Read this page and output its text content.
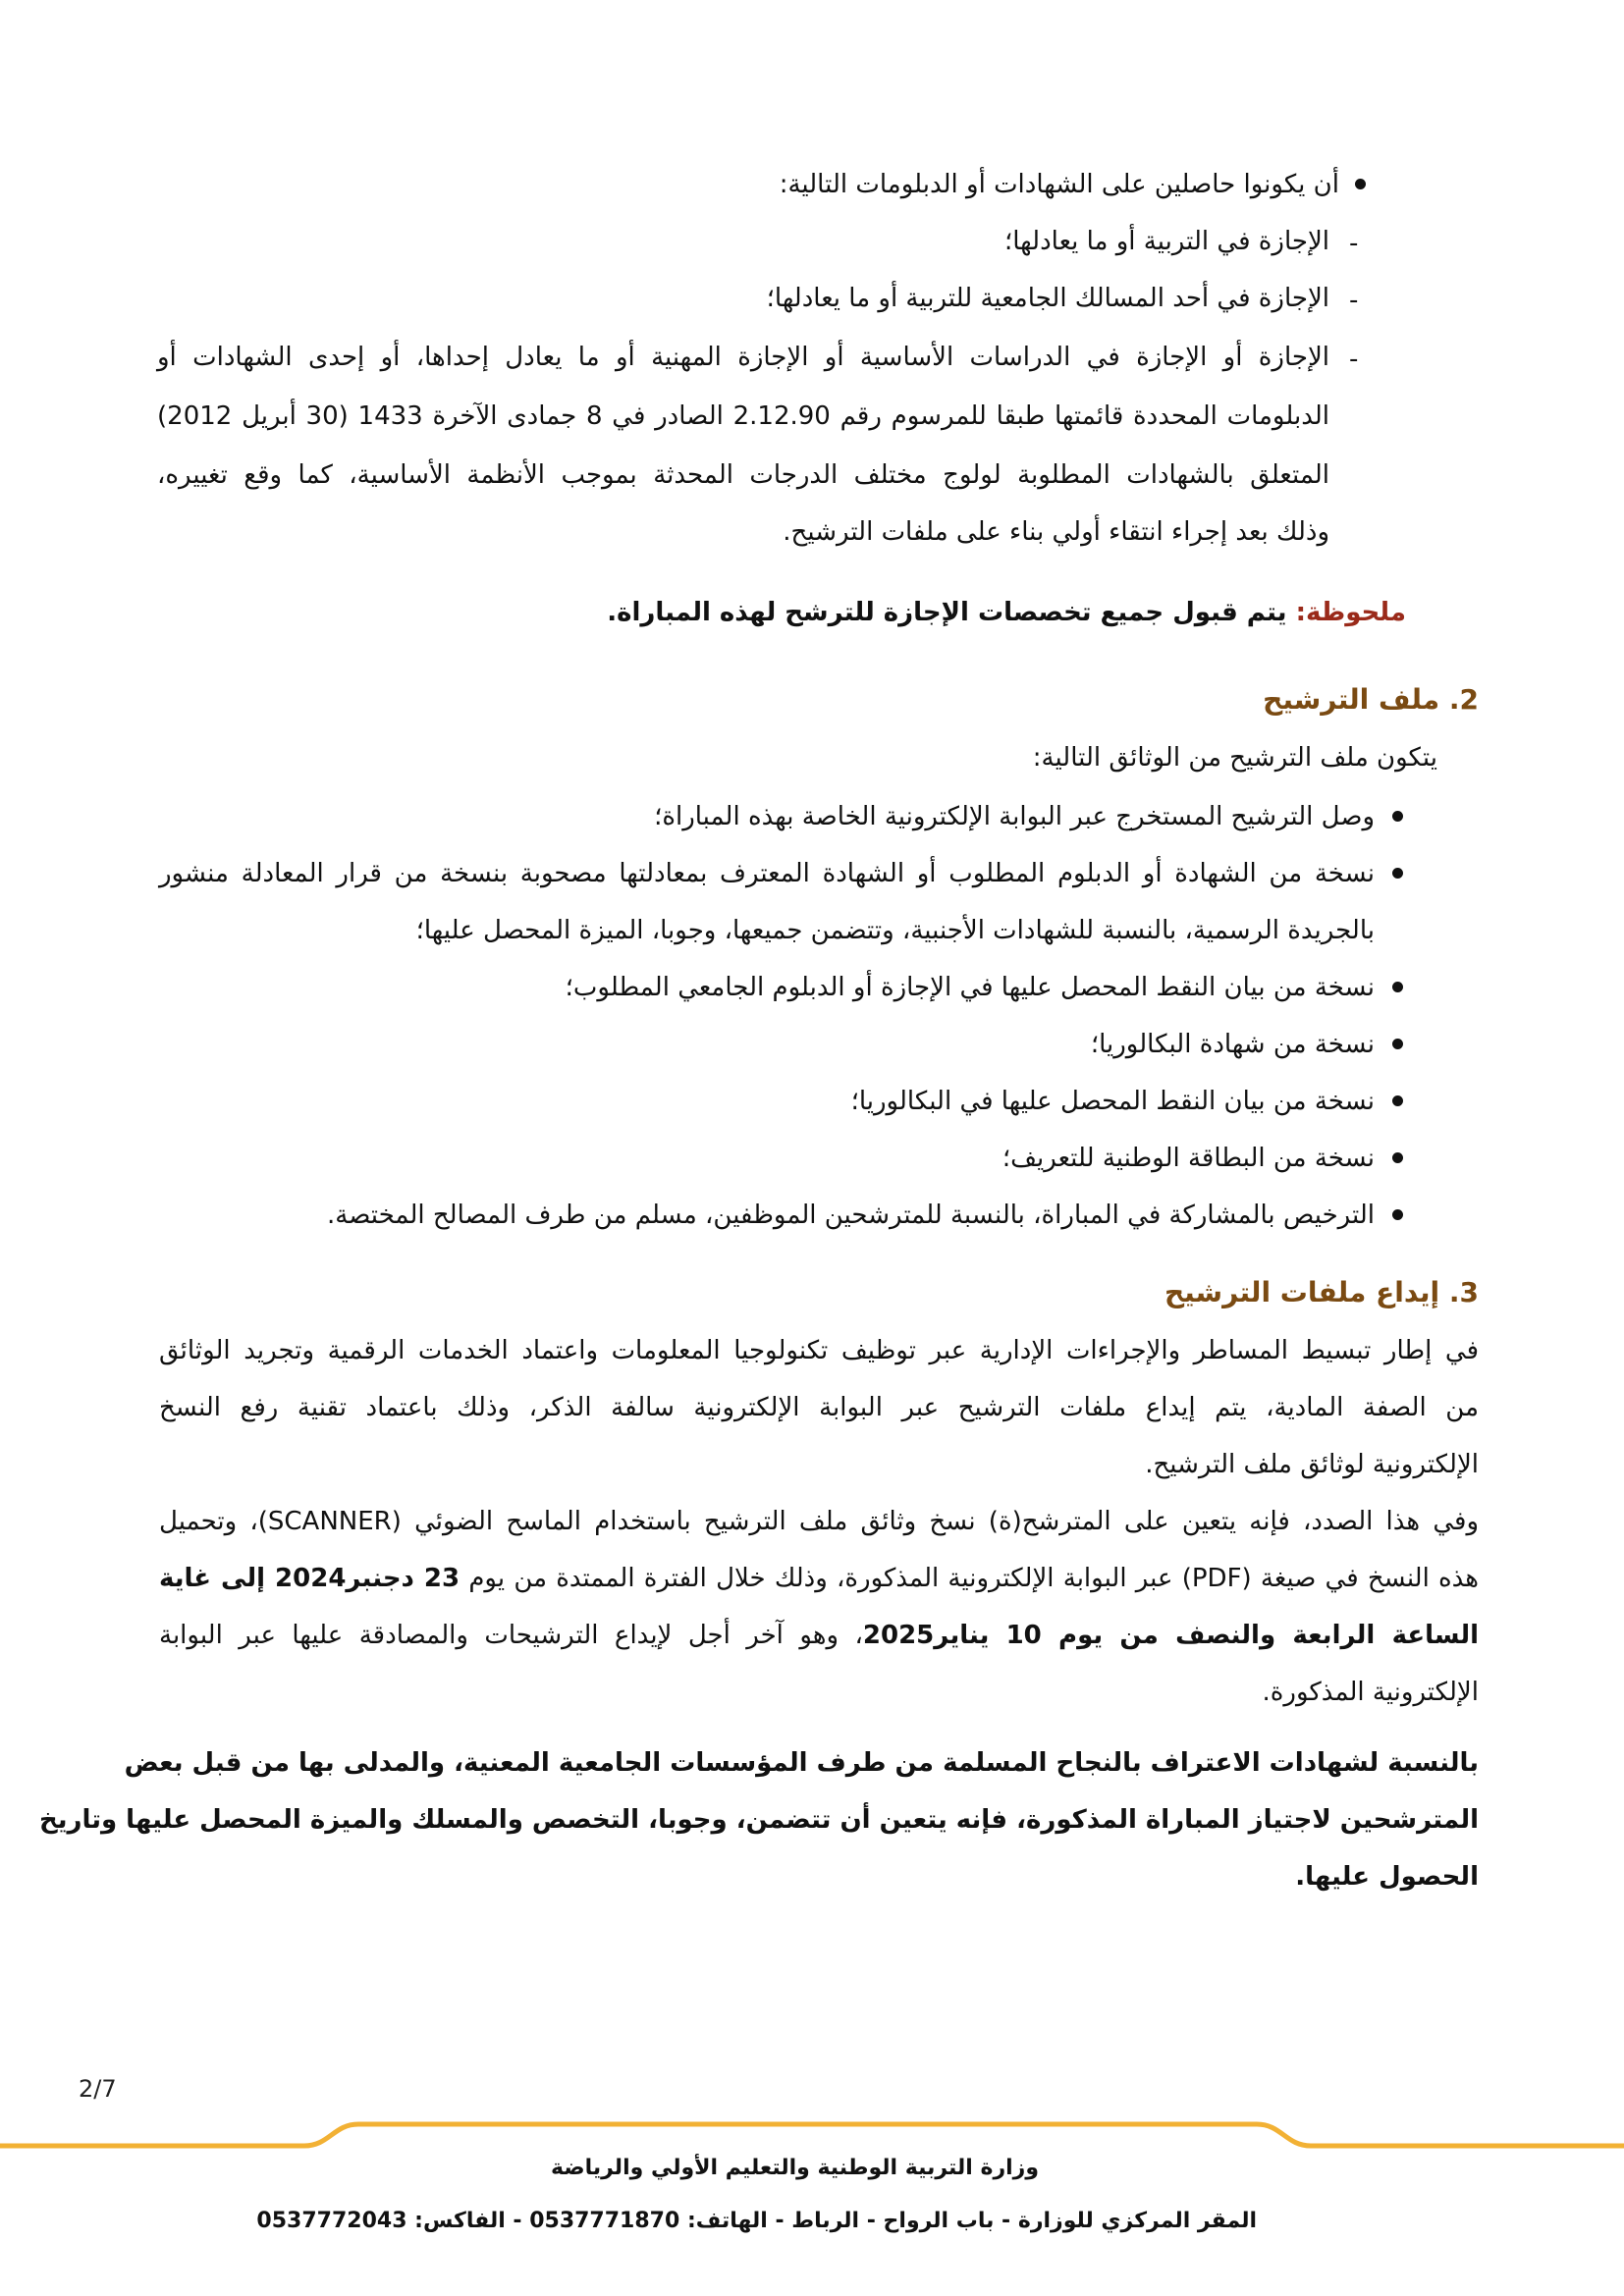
أن يكونوا حاصلين على الشهادات أو الدبلومات التالية:

-

الإجازة في التربية أو ما يعادلها؛

-

الإجازة في أحد المسالك الجامعية للتربية أو ما يعادلها؛

-

الإجازة أو الإجازة في الدراسات الأساسية أو الإجازة المهنية أو ما يعادل إحداها، أو إحدى الشهادات أو

الدبلومات المحددة قائمتها طبقا للمرسوم رقم 2.12.90 الصادر في 8 جمادى الآخرة 1433 (30 أبريل 2012)

المتعلق بالشهادات المطلوبة لولوج مختلف الدرجات المحدثة بموجب الأنظمة الأساسية، كما وقع تغييره،

وذلك بعد إجراء انتقاء أولي بناء على ملفات الترشيح.

ملحوظة: يتم قبول جميع تخصصات الإجازة للترشح لهذه المباراة.

2. ملف الترشيح

يتكون ملف الترشيح من الوثائق التالية:

وصل الترشيح المستخرج عبر البوابة الإلكترونية الخاصة بهذه المباراة؛

نسخة من الشهادة أو الدبلوم المطلوب أو الشهادة المعترف بمعادلتها مصحوبة بنسخة من قرار المعادلة منشور

بالجريدة الرسمية، بالنسبة للشهادات الأجنبية، وتتضمن جميعها، وجوبا، الميزة المحصل عليها؛

نسخة من بيان النقط المحصل عليها في الإجازة أو الدبلوم الجامعي المطلوب؛

نسخة من شهادة البكالوريا؛

نسخة من بيان النقط المحصل عليها في البكالوريا؛

نسخة من البطاقة الوطنية للتعريف؛

الترخيص بالمشاركة في المباراة، بالنسبة للمترشحين الموظفين، مسلم من طرف المصالح المختصة.

3. إيداع ملفات الترشيح

في إطار تبسيط المساطر والإجراءات الإدارية عبر توظيف تكنولوجيا المعلومات واعتماد الخدمات الرقمية وتجريد الوثائق

من الصفة المادية، يتم إيداع ملفات الترشيح عبر البوابة الإلكترونية سالفة الذكر، وذلك باعتماد تقنية رفع النسخ

الإلكترونية لوثائق ملف الترشيح.

وفي هذا الصدد، فإنه يتعين على المترشح(ة) نسخ وثائق ملف الترشيح باستخدام الماسح الضوئي (SCANNER)، وتحميل

هذه النسخ في صيغة (PDF) عبر البوابة الإلكترونية المذكورة، وذلك خلال الفترة الممتدة من يوم 23 دجنبر2024 إلى غاية

الساعة الرابعة والنصف من يوم 10 يناير2025، وهو آخر أجل لإيداع الترشيحات والمصادقة عليها عبر البوابة

الإلكترونية المذكورة.

بالنسبة لشهادات الاعتراف بالنجاح المسلمة من طرف المؤسسات الجامعية المعنية، والمدلى بها من قبل بعض

المترشحين لاجتياز المباراة المذكورة، فإنه يتعين أن تتضمن، وجوبا، التخصص والمسلك والميزة المحصل عليها وتاريخ

الحصول عليها.

2/7
وزارة التربية الوطنية والتعليم الأولي والرياضة
المقر المركزي للوزارة - باب الرواح - الرباط - الهاتف: 0537771870 - الفاكس: 0537772043
